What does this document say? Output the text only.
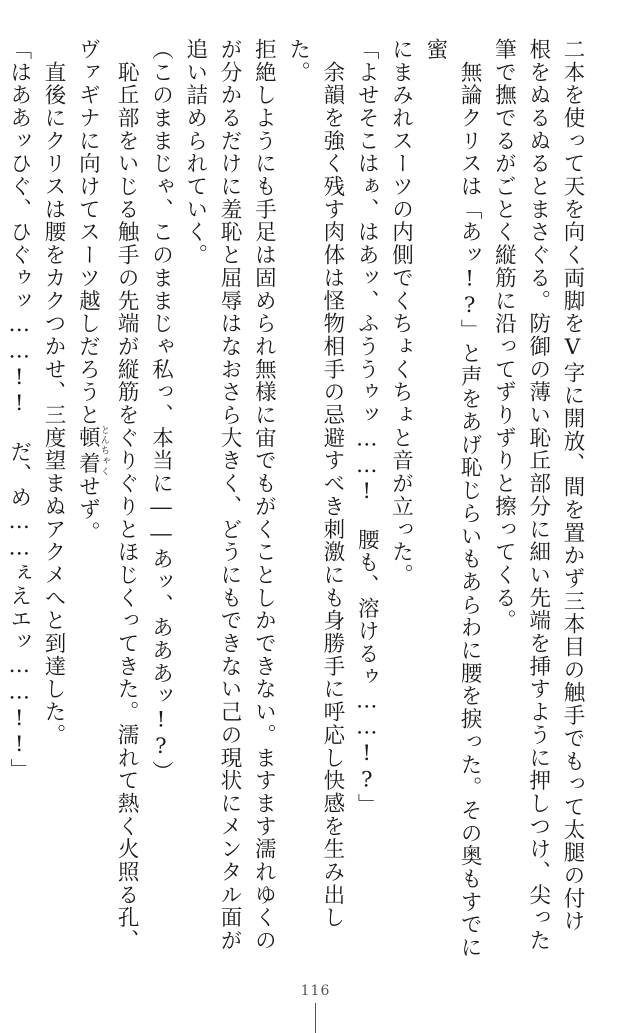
二本を使って天を向く両脚をV字に開放、間を置かず三本目の触手でもって太腿の付け

根をぬるぬるとまさぐる。防御の薄い恥丘部分に細い先端を挿すように押しつけ、尖った

筆で撫でるがごとく縦筋に沿ってずりずりと擦ってくる。

　無論クリスは「あッ!?」と声をあげ恥じらいもあらわに腰を捩った。その奥もすでに蜜

にまみれスーツの内側でくちょくちょと音が立った。

「よせそこはぁ、はあッ、ふううゥッ……!　腰も、溶けるゥ……!?」

　余韻を強く残す肉体は怪物相手の忌避すべき刺激にも身勝手に呼応し快感を生み出した。

拒絶しようにも手足は固められ無様に宙でもがくことしかできない。ますます濡れゆくの

が分かるだけに羞恥と屈辱はなおさら大きく、どうにもできない己の現状にメンタル面が

追い詰められていく。

（このままじゃ、このままじゃ私っ、本当に――あッ、あああッ!?）

　恥丘部をいじる触手の先端が縦筋をぐりぐりとほじくってきた。濡れて熱く火照る孔、

ヴァギナに向けてスーツ越しだろうと頓着とんちゃくせず。

　直後にクリスは腰をカクつかせ、三度望まぬアクメへと到達した。

「はああッひぐ、ひぐゥッ……!!　だ、め……ぇえエッ……!!」

116
